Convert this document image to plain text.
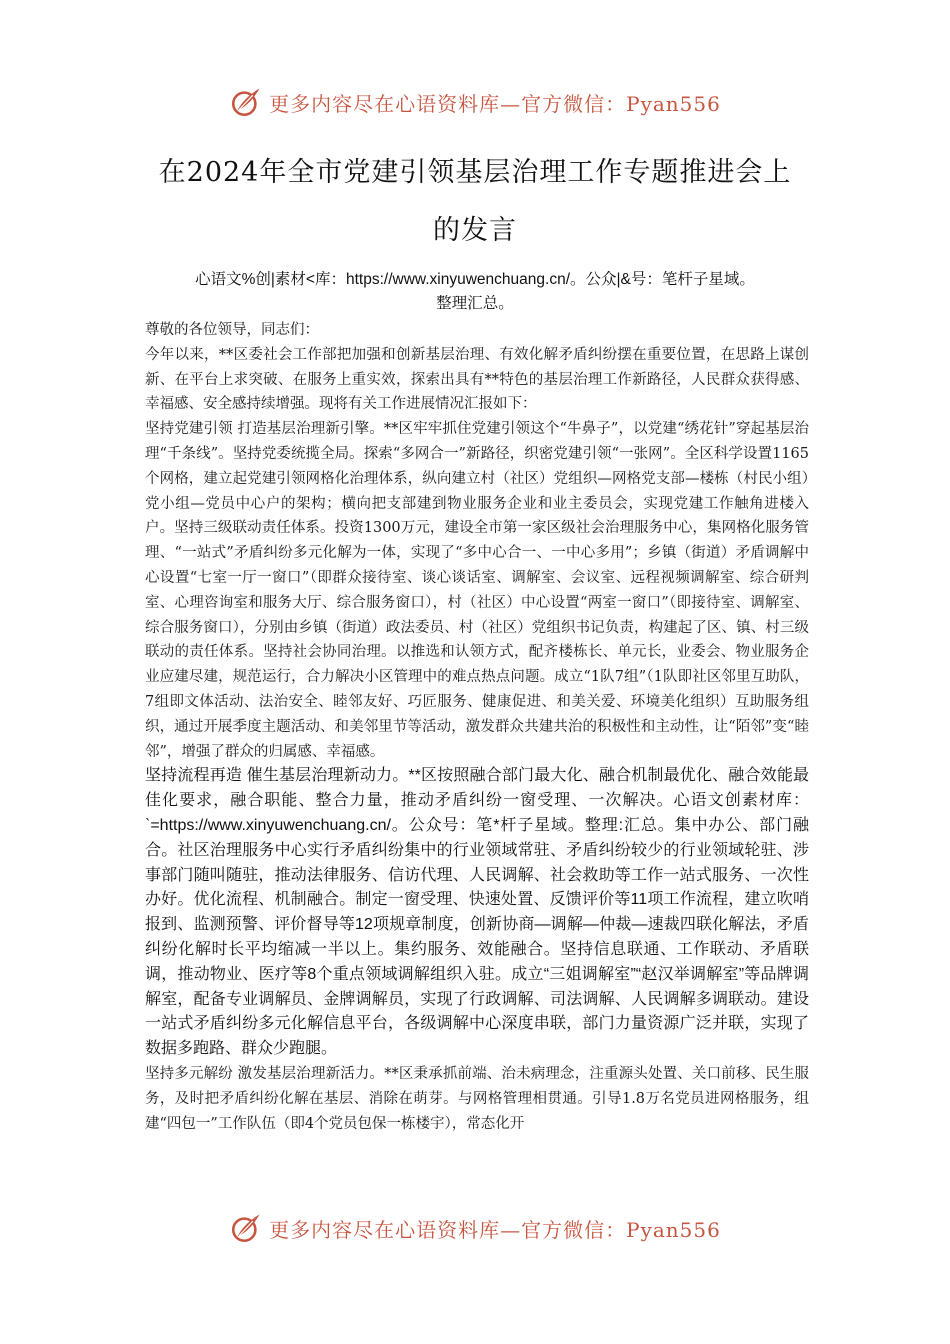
更多内容尽在心语资料库—官方微信：Pyan556
在2024年全市党建引领基层治理工作专题推进会上
的发言
心语文%创|素材<库：https://www.xinyuwenchuang.cn/。公众|&号：笔杆子星域。
整理汇总。

尊敬的各位领导，同志们：

今年以来，**区委社会工作部把加强和创新基层治理、有效化解矛盾纠纷摆在重要位置，在思路上谋创新、在平台上求突破、在服务上重实效，探索出具有**特色的基层治理工作新路径，人民群众获得感、幸福感、安全感持续增强。现将有关工作进展情况汇报如下：

坚持党建引领 打造基层治理新引擎。**区牢牢抓住党建引领这个“牛鼻子”，以党建“绣花针”穿起基层治理“千条线”。坚持党委统揽全局。探索“多网合一”新路径，织密党建引领“一张网”。全区科学设置1165个网格，建立起党建引领网格化治理体系，纵向建立村（社区）党组织—网格党支部—楼栋（村民小组）党小组—党员中心户的架构；横向把支部建到物业服务企业和业主委员会，实现党建工作触角进楼入户。坚持三级联动责任体系。投资1300万元，建设全市第一家区级社会治理服务中心，集网格化服务管理、“一站式”矛盾纠纷多元化解为一体，实现了“多中心合一、一中心多用”；乡镇（街道）矛盾调解中心设置“七室一厅一窗口”（即群众接待室、谈心谈话室、调解室、会议室、远程视频调解室、综合研判室、心理咨询室和服务大厅、综合服务窗口），村（社区）中心设置“两室一窗口”（即接待室、调解室、综合服务窗口），分别由乡镇（街道）政法委员、村（社区）党组织书记负责，构建起了区、镇、村三级联动的责任体系。坚持社会协同治理。以推选和认领方式，配齐楼栋长、单元长，业委会、物业服务企业应建尽建，规范运行，合力解决小区管理中的难点热点问题。成立“1队7组”（1队即社区邻里互助队，7组即文体活动、法治安全、睦邻友好、巧匠服务、健康促进、和美关爱、环境美化组织）互助服务组织，通过开展季度主题活动、和美邻里节等活动，激发群众共建共治的积极性和主动性，让“陌邻”变“睦邻”，增强了群众的归属感、幸福感。

坚持流程再造 催生基层治理新动力。**区按照融合部门最大化、融合机制最优化、融合效能最佳化要求，融合职能、整合力量，推动矛盾纠纷一窗受理、一次解决。心语文创素材库：`=https://www.xinyuwenchuang.cn/。公众号：笔*杆子星域。整理:汇总。集中办公、部门融合。社区治理服务中心实行矛盾纠纷集中的行业领域常驻、矛盾纠纷较少的行业领域轮驻、涉事部门随叫随驻，推动法律服务、信访代理、人民调解、社会救助等工作一站式服务、一次性办好。优化流程、机制融合。制定一窗受理、快速处置、反馈评价等11项工作流程，建立吹哨报到、监测预警、评价督导等12项规章制度，创新协商—调解—仲裁—速裁四联化解法，矛盾纠纷化解时长平均缩减一半以上。集约服务、效能融合。坚持信息联通、工作联动、矛盾联调，推动物业、医疗等8个重点领域调解组织入驻。成立“三姐调解室”“赵汉举调解室”等品牌调解室，配备专业调解员、金牌调解员，实现了行政调解、司法调解、人民调解多调联动。建设一站式矛盾纠纷多元化解信息平台，各级调解中心深度串联，部门力量资源广泛并联，实现了数据多跑路、群众少跑腿。

坚持多元解纷 激发基层治理新活力。**区秉承抓前端、治未病理念，注重源头处置、关口前移、民生服务，及时把矛盾纠纷化解在基层、消除在萌芽。与网格管理相贯通。引导1.8万名党员进网格服务，组建“四包一”工作队伍（即4个党员包保一栋楼宇），常态化开

更多内容尽在心语资料库—官方微信：Pyan556
